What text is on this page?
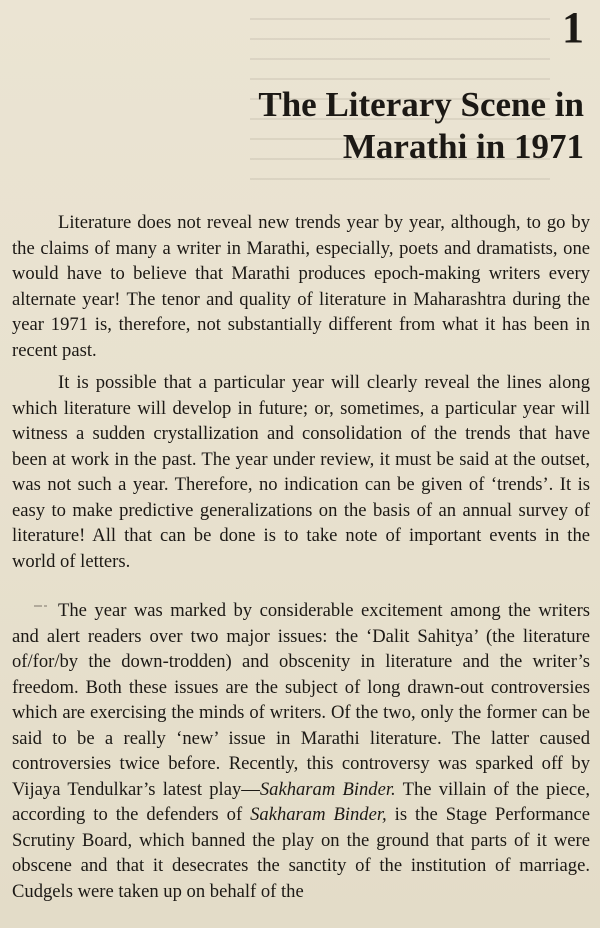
1
The Literary Scene in
Marathi in 1971

Literature does not reveal new trends year by year, although, to go by the claims of many a writer in Marathi, especially, poets and dramatists, one would have to believe that Marathi produces epoch-making writers every alternate year! The tenor and quality of literature in Maharashtra during the year 1971 is, therefore, not substantially different from what it has been in recent past.

It is possible that a particular year will clearly reveal the lines along which literature will develop in future; or, sometimes, a particular year will witness a sudden crystallization and consolidation of the trends that have been at work in the past. The year under review, it must be said at the outset, was not such a year. Therefore, no indication can be given of ‘trends’. It is easy to make predictive generalizations on the basis of an annual survey of literature! All that can be done is to take note of important events in the world of letters.

The year was marked by considerable excitement among the writers and alert readers over two major issues: the ‘Dalit Sahitya’ (the literature of/for/by the down-trodden) and obscenity in literature and the writer’s freedom. Both these issues are the subject of long drawn-out controversies which are exercising the minds of writers. Of the two, only the former can be said to be a really ‘new’ issue in Marathi literature. The latter caused controversies twice before. Recently, this controversy was sparked off by Vijaya Tendulkar’s latest play—Sakharam Binder. The villain of the piece, according to the defenders of Sakharam Binder, is the Stage Performance Scrutiny Board, which banned the play on the ground that parts of it were obscene and that it desecrates the sanctity of the institution of marriage. Cudgels were taken up on behalf of the
